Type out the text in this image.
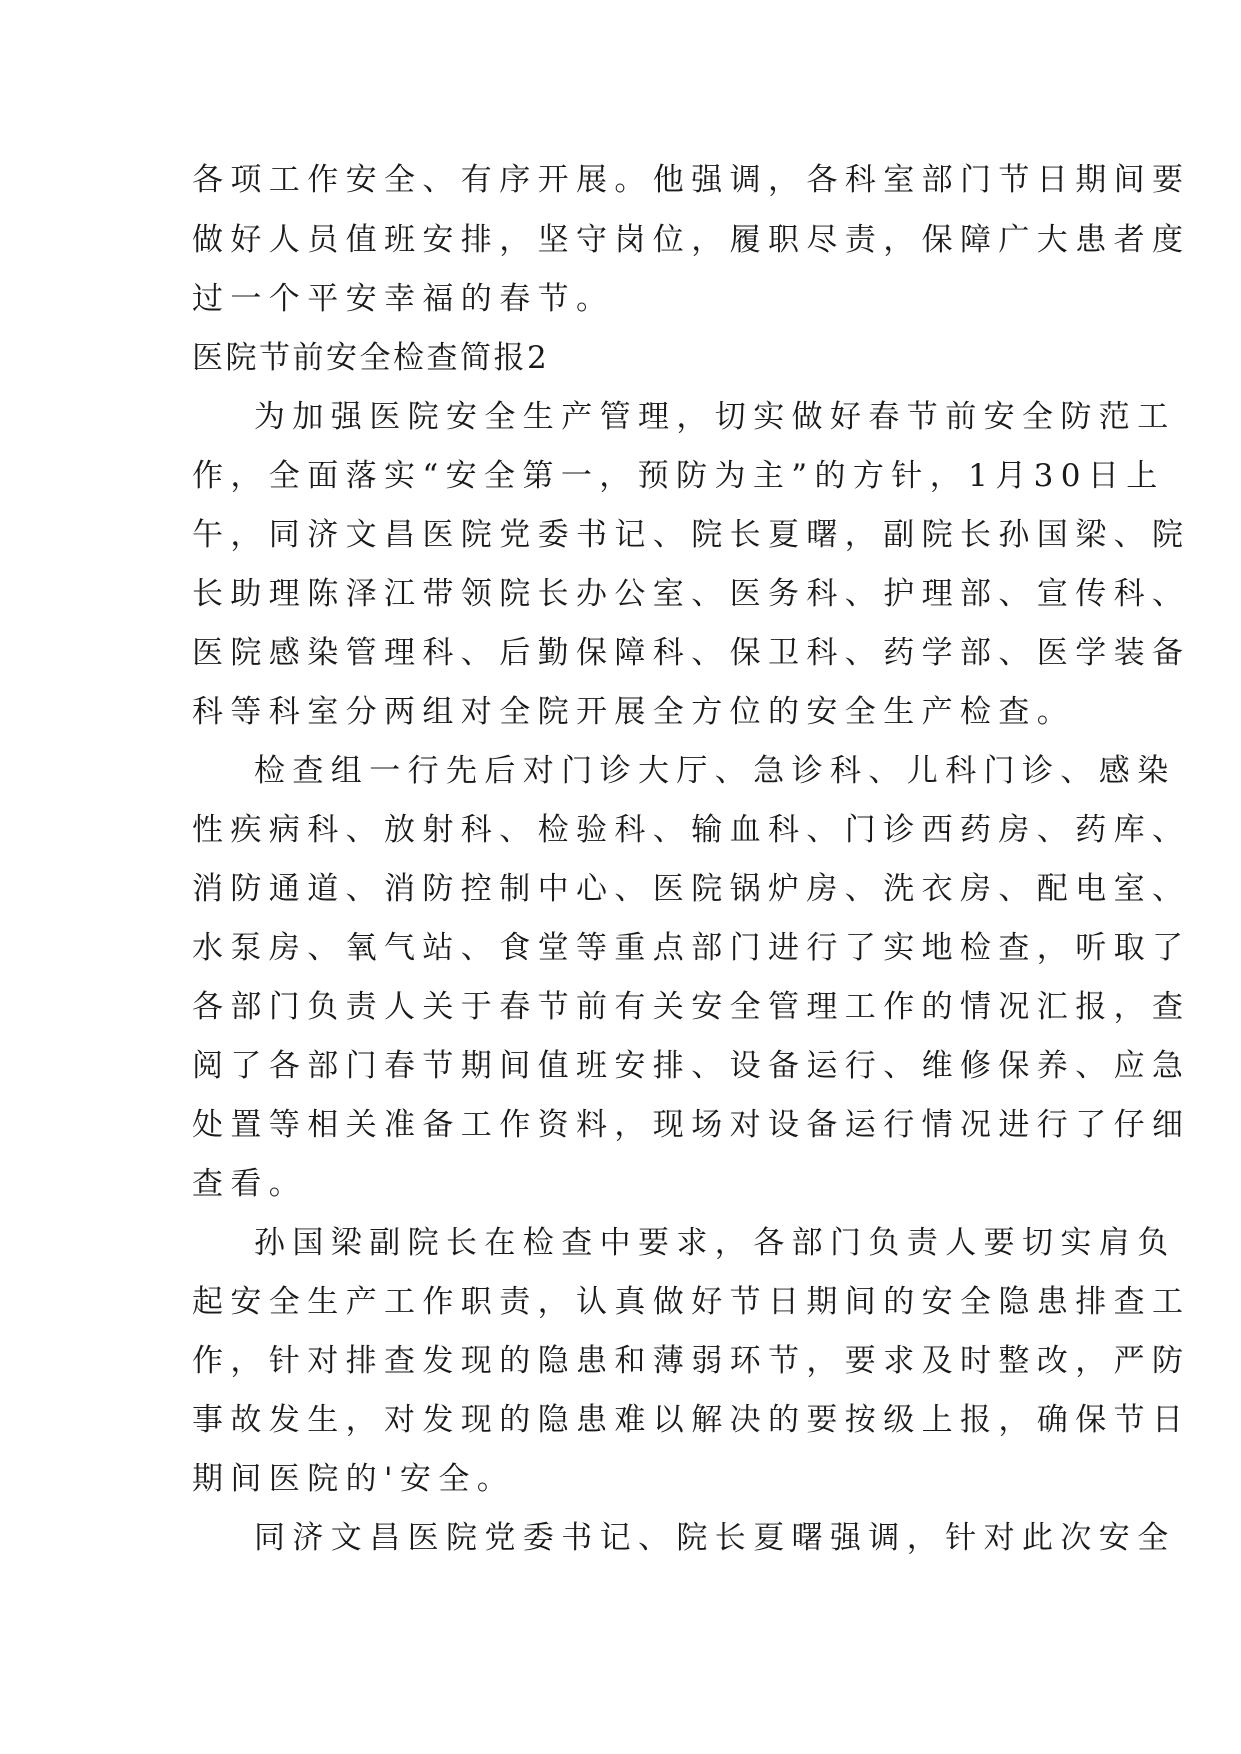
各项工作安全、有序开展。他强调，各科室部门节日期间要
做好人员值班安排，坚守岗位，履职尽责，保障广大患者度
过一个平安幸福的春节。
医院节前安全检查简报2
为加强医院安全生产管理，切实做好春节前安全防范工
作，全面落实“安全第一，预防为主”的方针，1月30日上
午，同济文昌医院党委书记、院长夏曙，副院长孙国梁、院
长助理陈泽江带领院长办公室、医务科、护理部、宣传科、
医院感染管理科、后勤保障科、保卫科、药学部、医学装备
科等科室分两组对全院开展全方位的安全生产检查。
检查组一行先后对门诊大厅、急诊科、儿科门诊、感染
性疾病科、放射科、检验科、输血科、门诊西药房、药库、
消防通道、消防控制中心、医院锅炉房、洗衣房、配电室、
水泵房、氧气站、食堂等重点部门进行了实地检查，听取了
各部门负责人关于春节前有关安全管理工作的情况汇报，查
阅了各部门春节期间值班安排、设备运行、维修保养、应急
处置等相关准备工作资料，现场对设备运行情况进行了仔细
查看。
孙国梁副院长在检查中要求，各部门负责人要切实肩负
起安全生产工作职责，认真做好节日期间的安全隐患排查工
作，针对排查发现的隐患和薄弱环节，要求及时整改，严防
事故发生，对发现的隐患难以解决的要按级上报，确保节日
期间医院的'安全。
同济文昌医院党委书记、院长夏曙强调，针对此次安全
